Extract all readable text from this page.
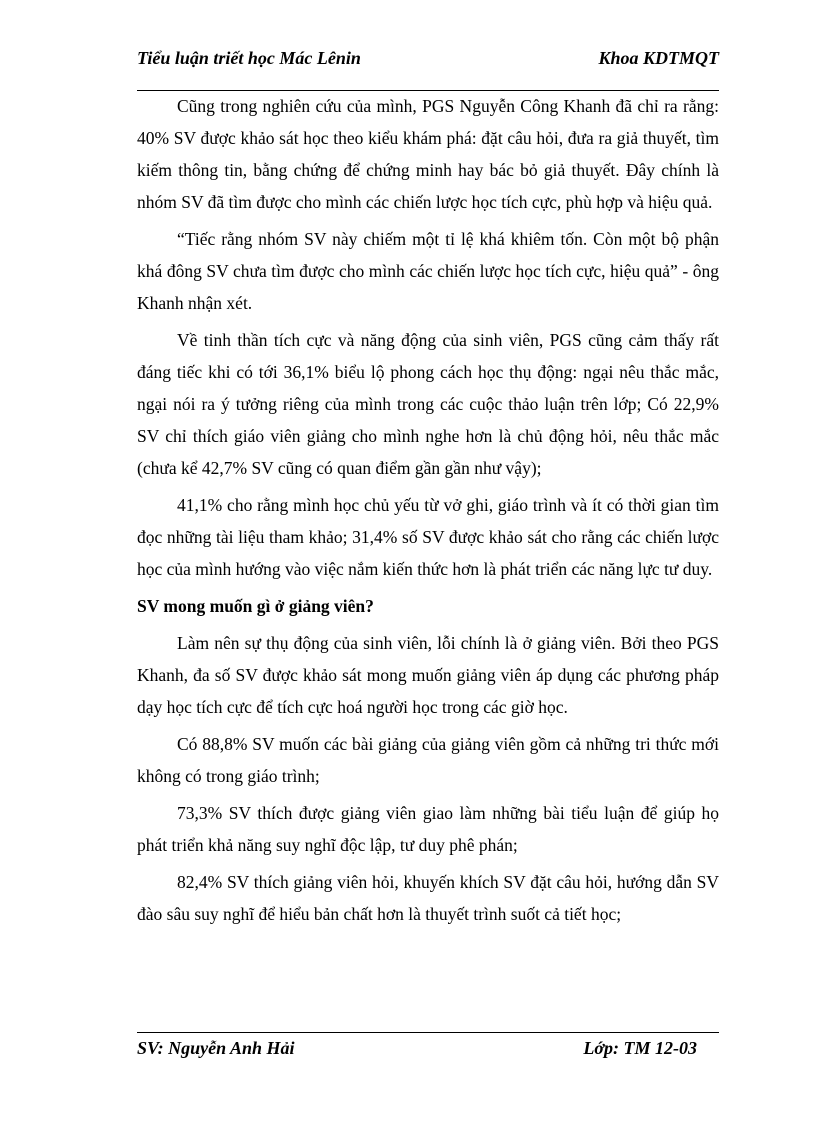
Tiểu luận triết học Mác Lênin	Khoa KDTMQT

Cũng trong nghiên cứu của mình, PGS Nguyễn Công Khanh đã chỉ ra rằng: 40% SV được khảo sát học theo kiểu khám phá: đặt câu hỏi, đưa ra giả thuyết, tìm kiếm thông tin, bằng chứng để chứng minh hay bác bỏ giả thuyết. Đây chính là nhóm SV đã tìm được cho mình các chiến lược học tích cực, phù hợp và hiệu quả.

“Tiếc rằng nhóm SV này chiếm một tỉ lệ khá khiêm tốn. Còn một bộ phận khá đông SV chưa tìm được cho mình các chiến lược học tích cực, hiệu quả” - ông Khanh nhận xét.

Về tinh thần tích cực và năng động của sinh viên, PGS cũng cảm thấy rất đáng tiếc khi có tới 36,1% biểu lộ phong cách học thụ động: ngại nêu thắc mắc, ngại nói ra ý tưởng riêng của mình trong các cuộc thảo luận trên lớp; Có 22,9% SV chỉ thích giáo viên giảng cho mình nghe hơn là chủ động hỏi, nêu thắc mắc (chưa kể 42,7% SV cũng có quan điểm gần gần như vậy);

41,1% cho rằng mình học chủ yếu từ vở ghi, giáo trình và ít có thời gian tìm đọc những tài liệu tham khảo; 31,4% số SV được khảo sát cho rằng các chiến lược học của mình hướng vào việc nắm kiến thức hơn là phát triển các năng lực tư duy.

SV mong muốn gì ở giảng viên?

Làm nên sự thụ động của sinh viên, lỗi chính là ở giảng viên. Bởi theo PGS Khanh, đa số SV được khảo sát mong muốn giảng viên áp dụng các phương pháp dạy học tích cực để tích cực hoá người học trong các giờ học.

Có 88,8% SV muốn các bài giảng của giảng viên gồm cả những tri thức mới không có trong giáo trình;

73,3% SV thích được giảng viên giao làm những bài tiểu luận để giúp họ phát triển khả năng suy nghĩ độc lập, tư duy phê phán;

82,4% SV thích giảng viên hỏi, khuyến khích SV đặt câu hỏi, hướng dẫn SV đào sâu suy nghĩ để hiểu bản chất hơn là thuyết trình suốt cả tiết học;

SV: Nguyễn Anh Hải	Lớp: TM 12-03
